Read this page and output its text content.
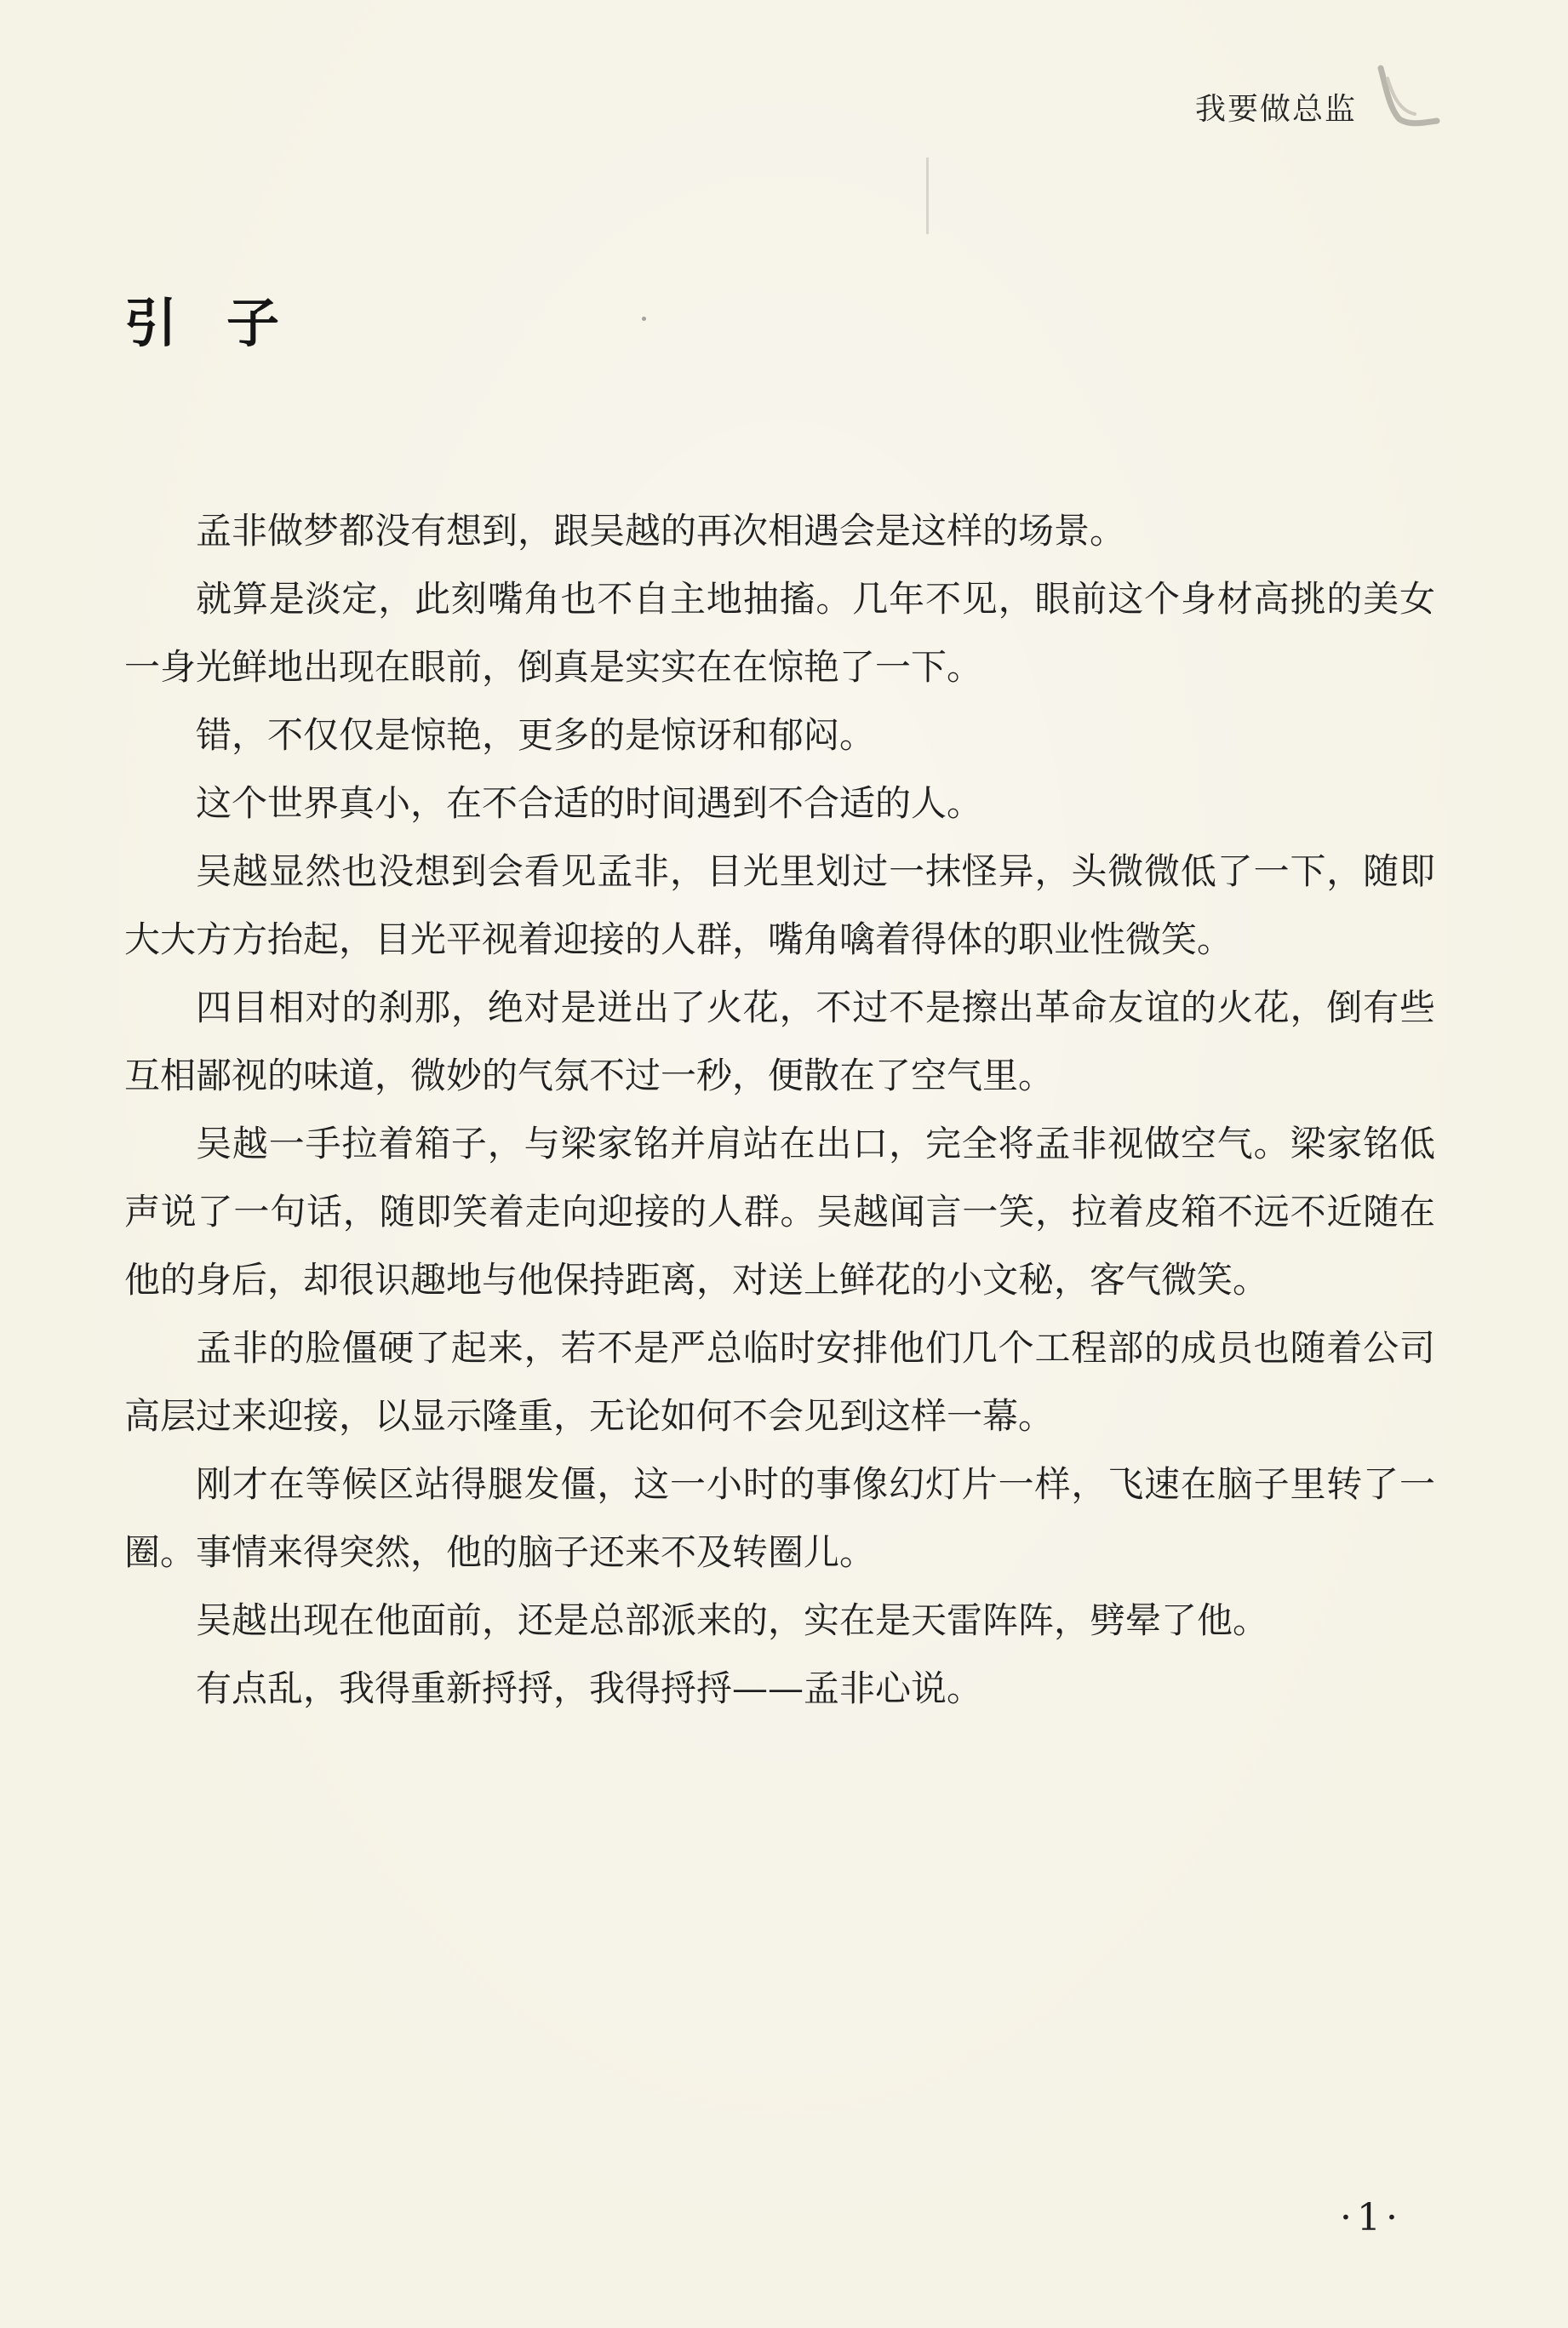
我要做总监
引子

孟非做梦都没有想到，跟吴越的再次相遇会是这样的场景。

就算是淡定，此刻嘴角也不自主地抽搐。几年不见，眼前这个身材高挑的美女一身光鲜地出现在眼前，倒真是实实在在惊艳了一下。

错，不仅仅是惊艳，更多的是惊讶和郁闷。

这个世界真小，在不合适的时间遇到不合适的人。

吴越显然也没想到会看见孟非，目光里划过一抹怪异，头微微低了一下，随即大大方方抬起，目光平视着迎接的人群，嘴角噙着得体的职业性微笑。

四目相对的刹那，绝对是迸出了火花，不过不是擦出革命友谊的火花，倒有些互相鄙视的味道，微妙的气氛不过一秒，便散在了空气里。

吴越一手拉着箱子，与梁家铭并肩站在出口，完全将孟非视做空气。梁家铭低声说了一句话，随即笑着走向迎接的人群。吴越闻言一笑，拉着皮箱不远不近随在他的身后，却很识趣地与他保持距离，对送上鲜花的小文秘，客气微笑。

孟非的脸僵硬了起来，若不是严总临时安排他们几个工程部的成员也随着公司高层过来迎接，以显示隆重，无论如何不会见到这样一幕。

刚才在等候区站得腿发僵，这一小时的事像幻灯片一样，飞速在脑子里转了一圈。事情来得突然，他的脑子还来不及转圈儿。

吴越出现在他面前，还是总部派来的，实在是天雷阵阵，劈晕了他。

有点乱，我得重新捋捋，我得捋捋——孟非心说。

·1·
